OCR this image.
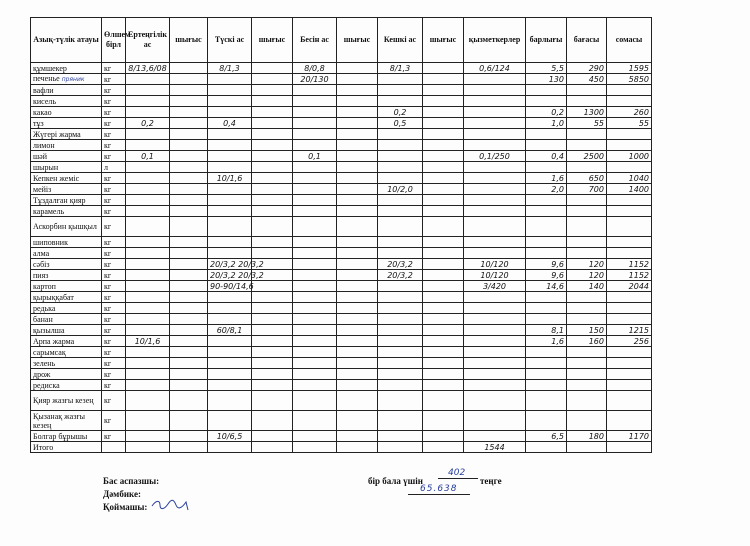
Азық-түлік атауы	Өлшем бірл	Ертеңгілік ас	шығыс	Түскі ас	шығыс	Бесін ас	шығыс	Кешкі ас	шығыс	қызметкерлер	барлығы	бағасы	сомасы
құмшекер	кг	8/13,6/08		8/1,3		8/0,8		8/1,3		0,6/124	5,5	290	1595
печенье пряник	кг					20/130					130	450	5850
вафли	кг												
кисель	кг												
какао	кг							0,2			0,2	1300	260
тұз	кг	0,2		0,4				0,5			1,0	55	55
Жүгері жарма	кг												
лимон	кг												
шәй	кг	0,1				0,1				0,1/250	0,4	2500	1000
шырын	л												
Кепкен жеміс	кг			10/1,6							1,6	650	1040
мейіз	кг							10/2,0			2,0	700	1400
Тұздалған қияр	кг												
карамель	кг												
Аскорбин қышқыл	кг												
шиповник	кг												
алма	кг												
сәбіз	кг			20/3,2 20/3,2				20/3,2		10/120	9,6	120	1152
пияз	кг			20/3,2 20/3,2				20/3,2		10/120	9,6	120	1152
картоп	кг			90-90/14,6						3/420	14,6	140	2044
қырыққабат	кг												
редька	кг												
банан	кг												
қызылша	кг			60/8,1							8,1	150	1215
Арпа жарма	кг	10/1,6									1,6	160	256
сарымсақ	кг												
зелень	кг												
дрож	кг												
редиска	кг												
Қияр жазғы кезең	кг												
Қызанақ жазғы кезең	кг												
Болгар бұрышы	кг			10/6,5							6,5	180	1170
Итого										1544			
Бас аспазшы:
Дәмбике:
Қоймашы:
бір бала үшін
402
теңге
65.638
